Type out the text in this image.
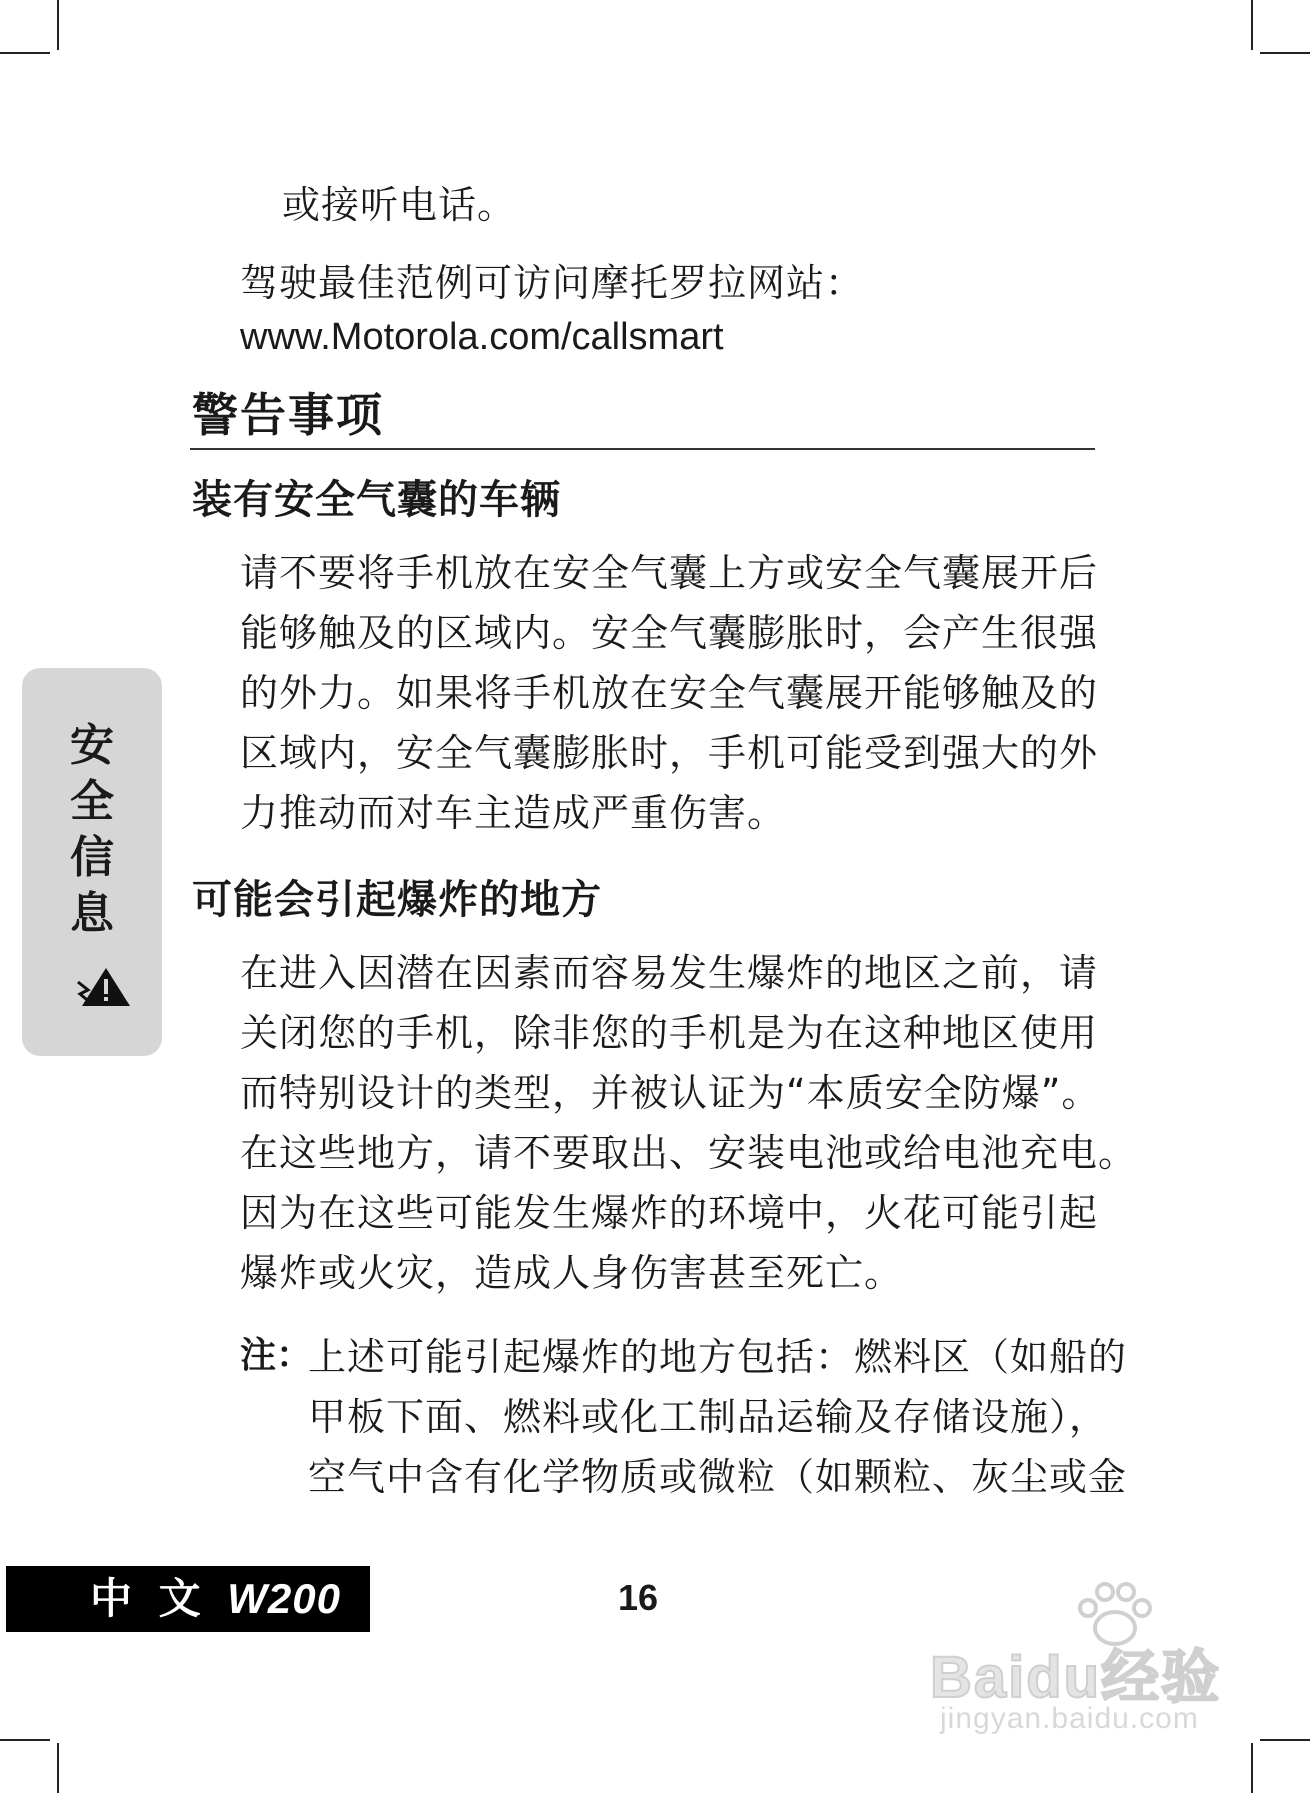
或接听电话。
驾驶最佳范例可访问摩托罗拉网站：
www.Motorola.com/callsmart
警告事项
装有安全气囊的车辆
请不要将手机放在安全气囊上方或安全气囊展开后
能够触及的区域内。安全气囊膨胀时，会产生很强
的外力。如果将手机放在安全气囊展开能够触及的
区域内，安全气囊膨胀时，手机可能受到强大的外
力推动而对车主造成严重伤害。
可能会引起爆炸的地方
在进入因潜在因素而容易发生爆炸的地区之前，请
关闭您的手机，除非您的手机是为在这种地区使用
而特别设计的类型，并被认证为“本质安全防爆”。
在这些地方，请不要取出、安装电池或给电池充电。
因为在这些可能发生爆炸的环境中，火花可能引起
爆炸或火灾，造成人身伤害甚至死亡。
注：
上述可能引起爆炸的地方包括：燃料区（如船的
甲板下面、燃料或化工制品运输及存储设施），
空气中含有化学物质或微粒（如颗粒、灰尘或金
安
全
信
息
中 文 W200	16
Baidu经验
jingyan.baidu.com
